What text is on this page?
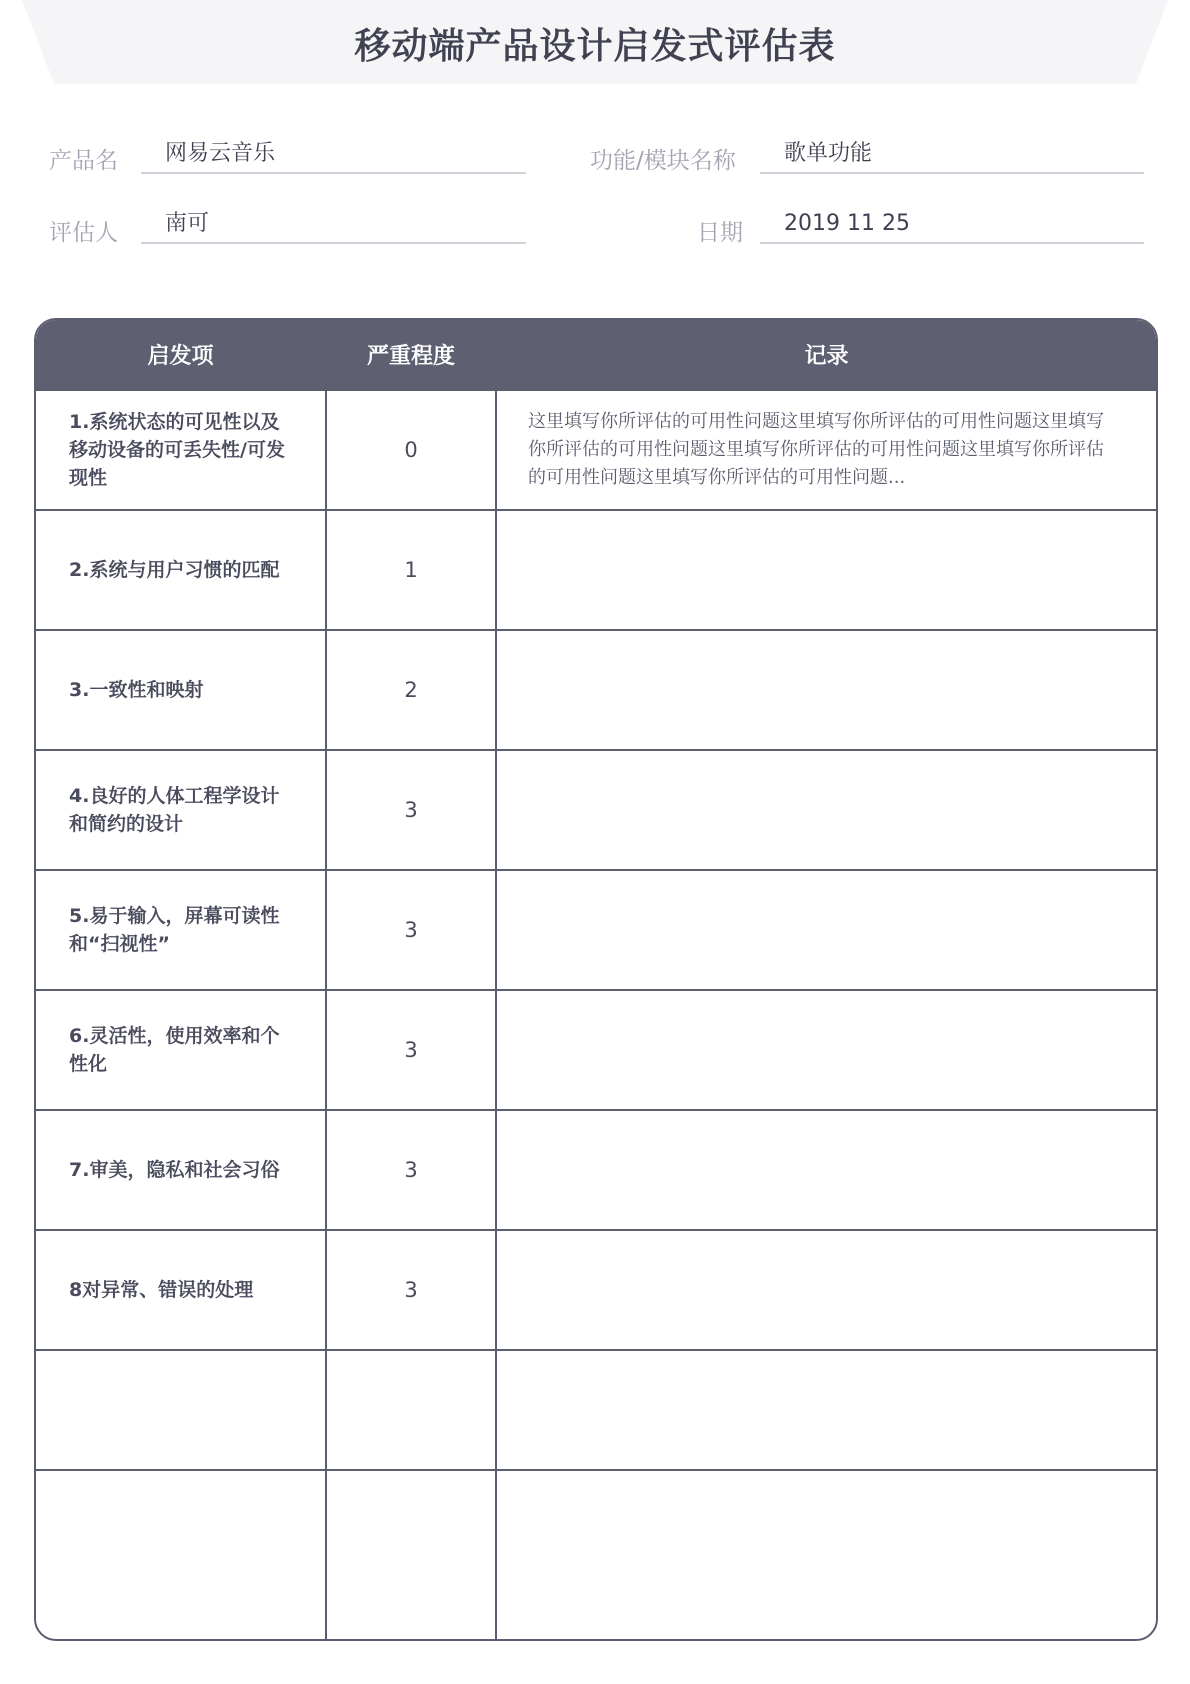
移动端产品设计启发式评估表
产品名	网易云音乐	功能/模块名称	歌单功能
评估人	南可	日期	2019 11 25
启发项	严重程度	记录

1.系统状态的可见性以及移动设备的可丢失性/可发现性	0	这里填写你所评估的可用性问题这里填写你所评估的可用性问题这里填写你所评估的可用性问题这里填写你所评估的可用性问题这里填写你所评估的可用性问题这里填写你所评估的可用性问题...

2.系统与用户习惯的匹配	1	

3.一致性和映射	2	

4.良好的人体工程学设计和简约的设计	3	

5.易于输入，屏幕可读性和“扫视性”	3	

6.灵活性，使用效率和个性化	3	

7.审美，隐私和社会习俗	3	

8对异常、错误的处理	3	
